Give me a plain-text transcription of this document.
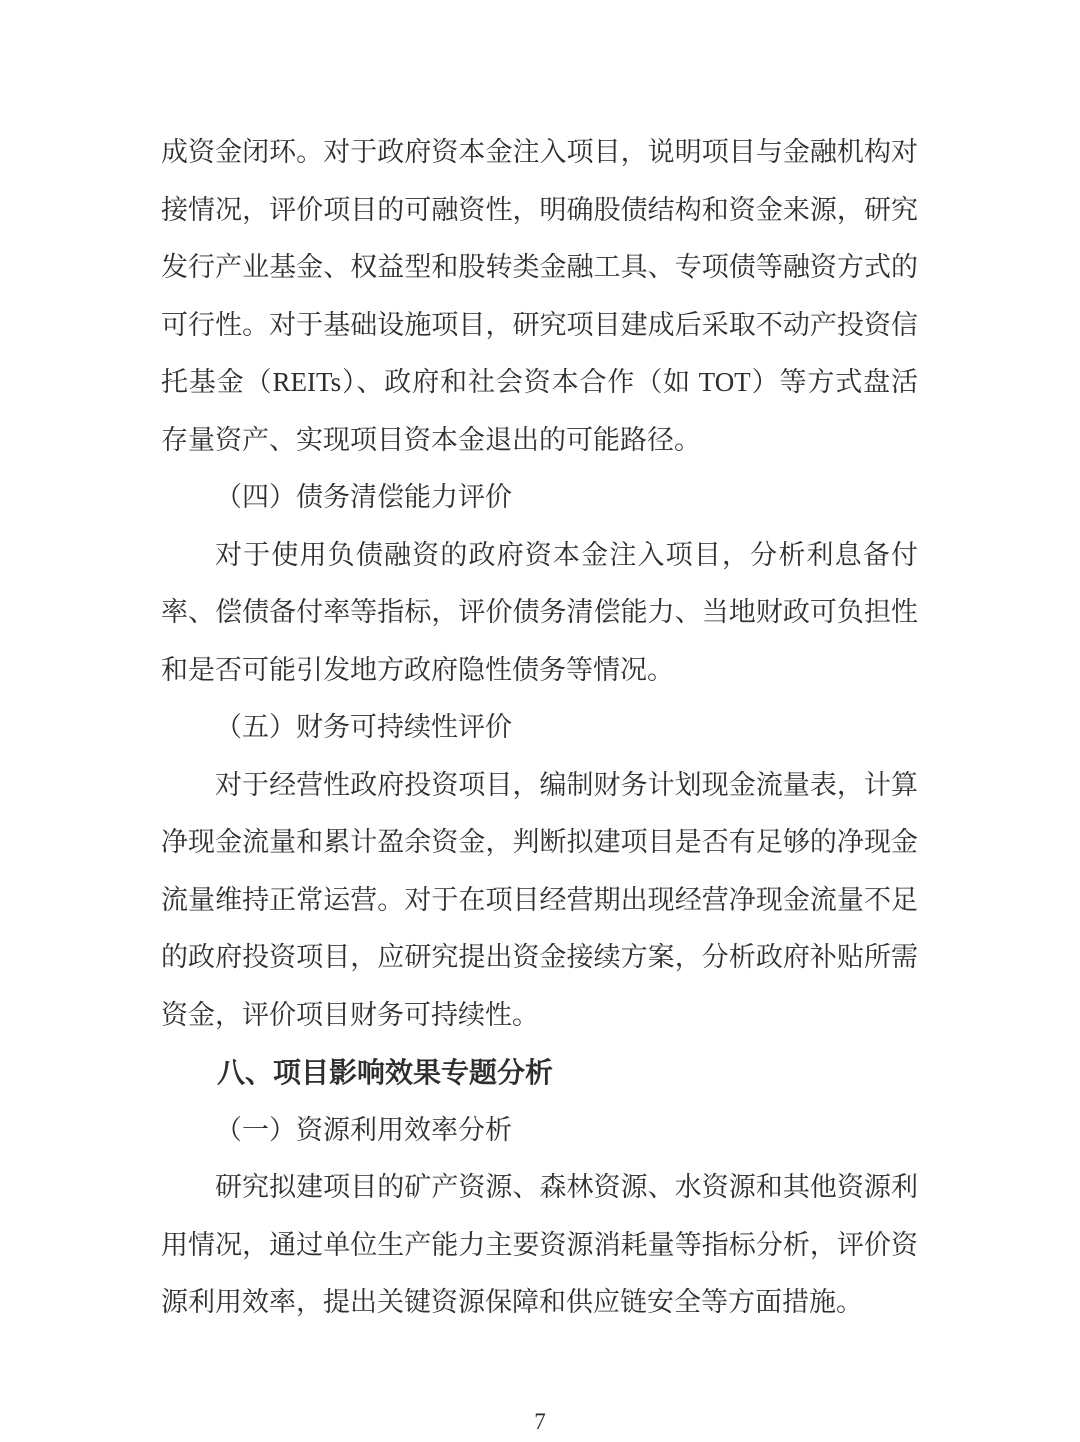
成资金闭环。对于政府资本金注入项目，说明项目与金融机构对接情况，评价项目的可融资性，明确股债结构和资金来源，研究发行产业基金、权益型和股转类金融工具、专项债等融资方式的可行性。对于基础设施项目，研究项目建成后采取不动产投资信托基金（REITs）、政府和社会资本合作（如 TOT）等方式盘活存量资产、实现项目资本金退出的可能路径。

（四）债务清偿能力评价

对于使用负债融资的政府资本金注入项目，分析利息备付率、偿债备付率等指标，评价债务清偿能力、当地财政可负担性和是否可能引发地方政府隐性债务等情况。

（五）财务可持续性评价

对于经营性政府投资项目，编制财务计划现金流量表，计算净现金流量和累计盈余资金，判断拟建项目是否有足够的净现金流量维持正常运营。对于在项目经营期出现经营净现金流量不足的政府投资项目，应研究提出资金接续方案，分析政府补贴所需资金，评价项目财务可持续性。

八、项目影响效果专题分析
（一）资源利用效率分析

研究拟建项目的矿产资源、森林资源、水资源和其他资源利用情况，通过单位生产能力主要资源消耗量等指标分析，评价资源利用效率，提出关键资源保障和供应链安全等方面措施。

7
